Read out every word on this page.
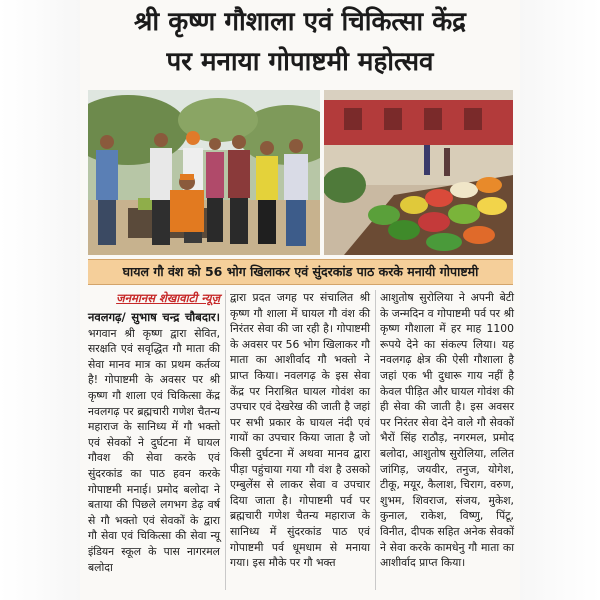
श्री कृष्ण गौशाला एवं चिकित्सा केंद्र
पर मनाया गोपाष्टमी महोत्सव
घायल गौ वंश को 56 भोग खिलाकर एवं सुंदरकांड पाठ करके मनायी गोपाष्टमी
जनमानस शेखावाटी न्यूज़

नवलगढ़/ सुभाष चन्द्र चौबदार। भगवान श्री कृष्ण द्वारा सेवित, सरक्षति एवं सवृद्धित गौ माता की सेवा मानव मात्र का प्रथम कर्तव्य है! गोपाष्टमी के अवसर पर श्री कृष्ण गौ शाला एवं चिकित्सा केंद्र नवलगढ़ पर ब्रह्मचारी गणेश चैतन्य महाराज के सानिध्य में गौ भक्तो एवं सेवकों ने दुर्घटना में घायल गौवश की सेवा करके एवं सुंदरकांड का पाठ हवन करके गोपाष्टमी मनाई। प्रमोद बलोदा ने बताया की पिछले लगभग डेढ़ वर्ष से गौ भक्तो एवं सेवकों के द्वारा गौ सेवा एवं चिकित्सा की सेवा न्यू इंडियन स्कूल के पास नागरमल बलोदा

द्वारा प्रदत जगह पर संचालित श्री कृष्ण गौ शाला में घायल गौ वंश की निरंतर सेवा की जा रही है। गोपाष्टमी के अवसर पर 56 भोग खिलाकर गौ माता का आशीर्वाद गौ भक्तो ने प्राप्त किया। नवलगढ़ के इस सेवा केंद्र पर निराश्रित घायल गोवंश का उपचार एवं देखरेख की जाती है जहां पर सभी प्रकार के घायल नंदी एवं गायों का उपचार किया जाता है जो किसी दुर्घटना में अथवा मानव द्वारा पीड़ा पहुंचाया गया गौ वंश है उसको एम्बुलेंस से लाकर सेवा व उपचार दिया जाता है। गोपाष्टमी पर्व पर ब्रह्मचारी गणेश चैतन्य महाराज के सानिध्य में सुंदरकांड पाठ एवं गोपाष्टमी पर्व धूमधाम से मनाया गया। इस मौके पर गौ भक्त

आशुतोष सुरोलिया ने अपनी बेटी के जन्मदिन व गोपाष्टमी पर्व पर श्री कृष्ण गौशाला में हर माह 1100 रूपये देने का संकल्प लिया। यह नवलगढ़ क्षेत्र की ऐसी गौशाला है जहां एक भी दुधारू गाय नहीं है केवल पीड़ित और घायल गोवंश की ही सेवा की जाती है। इस अवसर पर निरंतर सेवा देने वाले गौ सेवकों भैरों सिंह राठौड़, नगरमल, प्रमोद बलोदा, आशुतोष सुरोलिया, ललित जांगिड़, जयवीर, तनुज, योगेश, टीकू, मयूर, कैलाश, चिराग, वरुण, शुभम, शिवराज, संजय, मुकेश, कुनाल, राकेश, विष्णु, पिंटू, विनीत, दीपक सहित अनेक सेवकों ने सेवा करके कामधेनु गौ माता का आशीर्वाद प्राप्त किया।
